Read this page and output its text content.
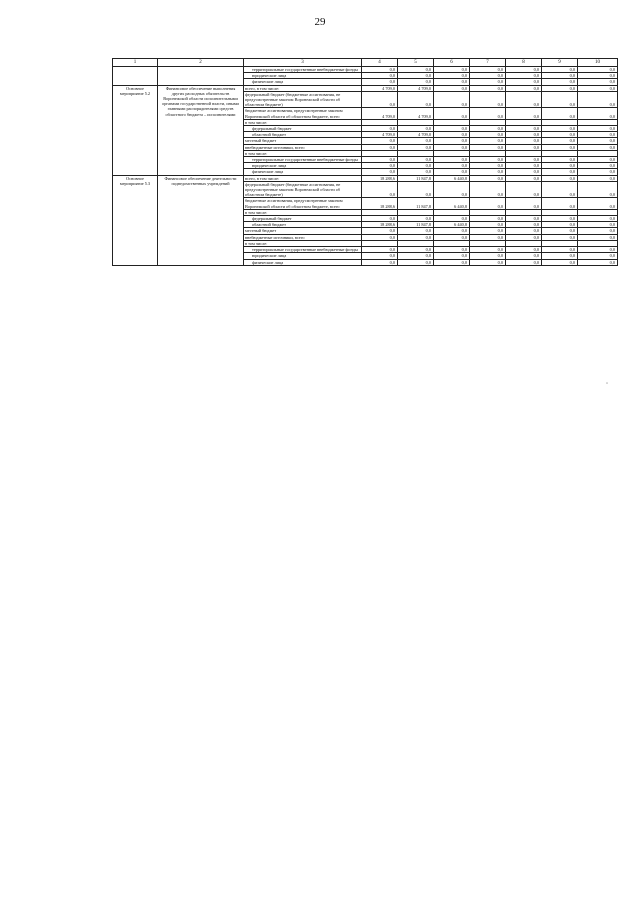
29
1	2	3	4	5	6	7	8	9	10
		территориальные государственные внебюджетные фонды	0,0	0,0	0,0	0,0	0,0	0,0	0,0
		юридические лица	0,0	0,0	0,0	0,0	0,0	0,0	0,0
		физические лица	0,0	0,0	0,0	0,0	0,0	0,0	0,0
Основное мероприятие 5.2	Финансовое обеспечение выполнения других расходных обязательств Воронежской области исполнительными органами государственной власти, иными главными распорядителями средств областного бюджета – исполнителями	всего, в том числе:	4 709,0	4 709,0	0,0	0,0	0,0	0,0	0,0
		федеральный бюджет (бюджетные ассигнования, не предусмотренные законом Воронежской области об областном бюджете)	0,0	0,0	0,0	0,0	0,0	0,0	0,0
		бюджетные ассигнования, предусмотренные законом Воронежской области об областном бюджете, всего	4 709,0	4 709,0	0,0	0,0	0,0	0,0	0,0
		в том числе:							
		федеральный бюджет	0,0	0,0	0,0	0,0	0,0	0,0	0,0
		областной бюджет	4 709,0	4 709,0	0,0	0,0	0,0	0,0	0,0
		местный бюджет	0,0	0,0	0,0	0,0	0,0	0,0	0,0
		внебюджетные источники, всего	0,0	0,0	0,0	0,0	0,0	0,0	0,0
		в том числе:							
		территориальные государственные внебюджетные фонды	0,0	0,0	0,0	0,0	0,0	0,0	0,0
		юридические лица	0,0	0,0	0,0	0,0	0,0	0,0	0,0
		физические лица	0,0	0,0	0,0	0,0	0,0	0,0	0,0
Основное мероприятие 5.3	Финансовое обеспечение деятельности подведомственных учреждений	всего, в том числе:	18 288,6	11 847,8	6 440,8	0,0	0,0	0,0	0,0
		федеральный бюджет (бюджетные ассигнования, не предусмотренные законом Воронежской области об областном бюджете)	0,0	0,0	0,0	0,0	0,0	0,0	0,0
		бюджетные ассигнования, предусмотренные законом Воронежской области об областном бюджете, всего	18 288,6	11 847,8	6 440,8	0,0	0,0	0,0	0,0
		в том числе:							
		федеральный бюджет	0,0	0,0	0,0	0,0	0,0	0,0	0,0
		областной бюджет	18 288,6	11 847,8	6 440,8	0,0	0,0	0,0	0,0
		местный бюджет	0,0	0,0	0,0	0,0	0,0	0,0	0,0
		внебюджетные источники, всего	0,0	0,0	0,0	0,0	0,0	0,0	0,0
		в том числе:							
		территориальные государственные внебюджетные фонды	0,0	0,0	0,0	0,0	0,0	0,0	0,0
		юридические лица	0,0	0,0	0,0	0,0	0,0	0,0	0,0
		физические лица	0,0	0,0	0,0	0,0	0,0	0,0	0,0
ˇ
